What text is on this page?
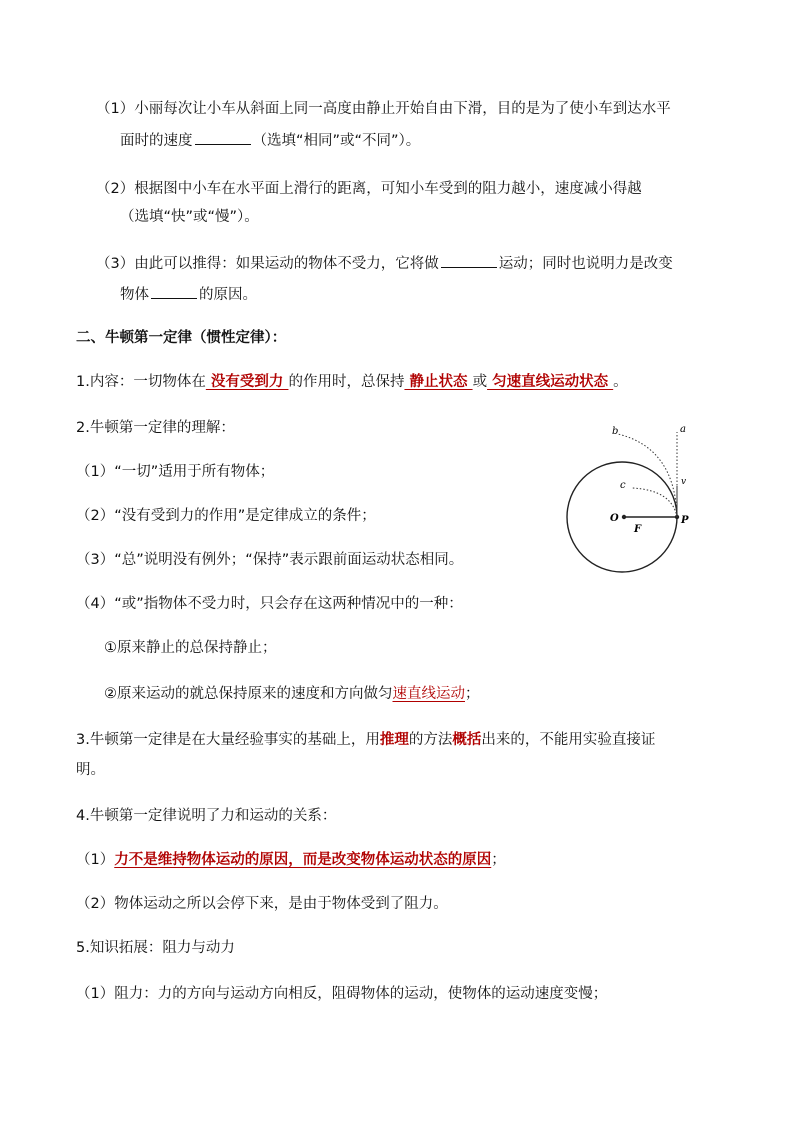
（1）小丽每次让小车从斜面上同一高度由静止开始自由下滑，目的是为了使小车到达水平
面时的速度	（选填“相同”或“不同”）。
（2）根据图中小车在水平面上滑行的距离，可知小车受到的阻力越小，速度减小得越
（选填“快”或“慢”）。
（3）由此可以推得：如果运动的物体不受力，它将做	运动；同时也说明力是改变
物体	的原因。
二、牛顿第一定律（惯性定律）：
1.内容：一切物体在 没有受到力 的作用时，总保持 静止状态 或 匀速直线运动状态 。
2.牛顿第一定律的理解：
（1）“一切”适用于所有物体；
（2）“没有受到力的作用”是定律成立的条件；
（3）“总”说明没有例外；“保持”表示跟前面运动状态相同。
（4）“或”指物体不受力时，只会存在这两种情况中的一种：
①原来静止的总保持静止；
②原来运动的就总保持原来的速度和方向做匀速直线运动；
3.牛顿第一定律是在大量经验事实的基础上，用推理的方法概括出来的，不能用实验直接证
明。
4.牛顿第一定律说明了力和运动的关系：
（1）力不是维持物体运动的原因，而是改变物体运动状态的原因；
（2）物体运动之所以会停下来，是由于物体受到了阻力。
5.知识拓展：阻力与动力
（1）阻力：力的方向与运动方向相反，阻碍物体的运动，使物体的运动速度变慢；
a
b
c	v
O
F
P
